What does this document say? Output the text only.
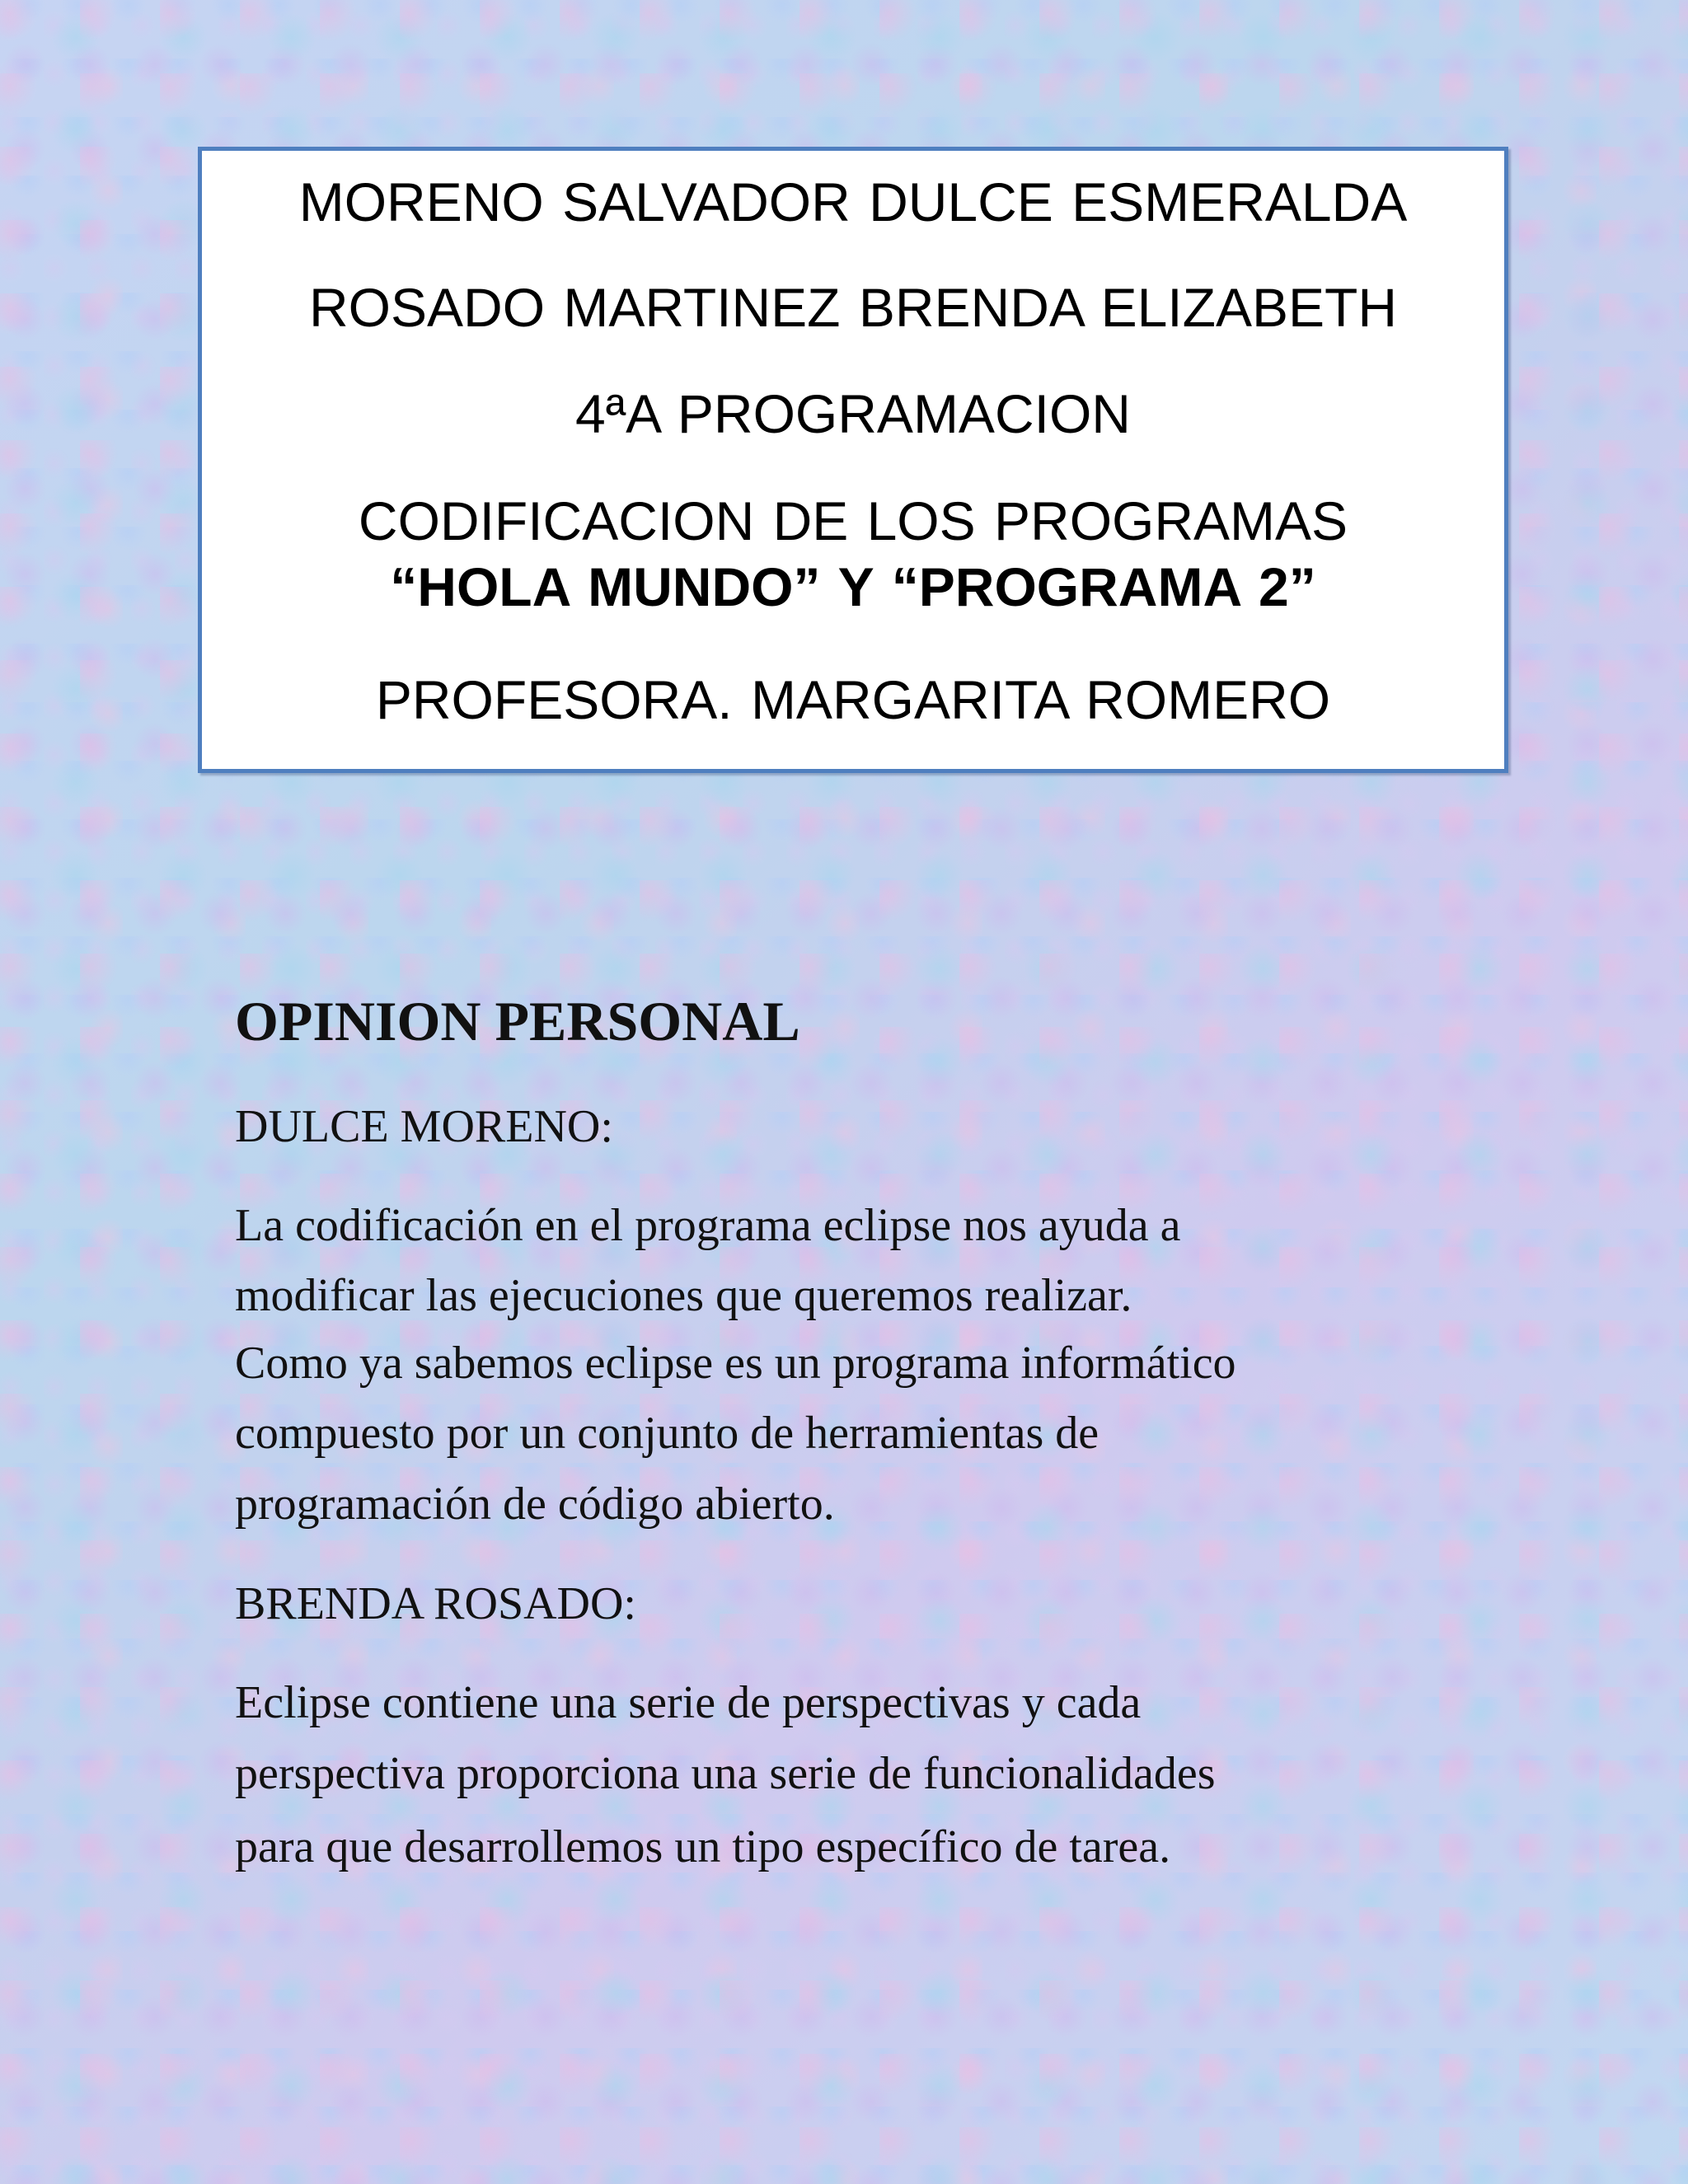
MORENO SALVADOR DULCE ESMERALDA
ROSADO MARTINEZ BRENDA ELIZABETH
4ªA PROGRAMACION
CODIFICACION DE LOS PROGRAMAS
“HOLA MUNDO” Y “PROGRAMA 2”
PROFESORA. MARGARITA ROMERO
OPINION PERSONAL
DULCE MORENO:
La codificación en el programa eclipse nos ayuda a
modificar las ejecuciones que queremos realizar.
Como ya sabemos eclipse es un programa informático
compuesto por un conjunto de herramientas de
programación de código abierto.
BRENDA ROSADO:
Eclipse contiene una serie de perspectivas y cada
perspectiva proporciona una serie de funcionalidades
para que desarrollemos un tipo específico de tarea.
